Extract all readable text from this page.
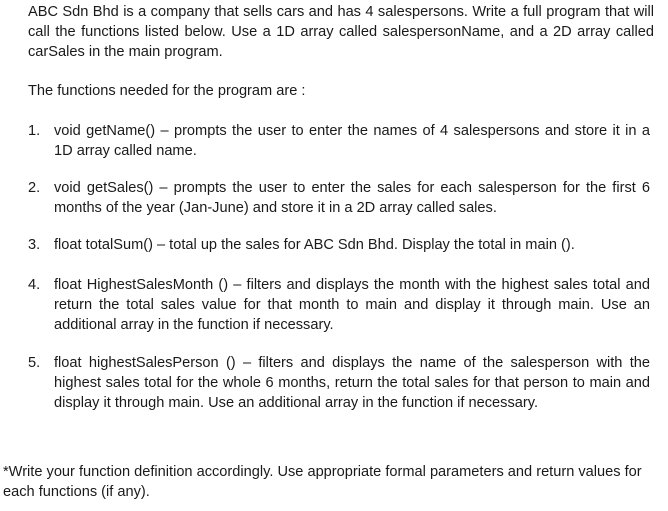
ABC Sdn Bhd is a company that sells cars and has 4 salespersons. Write a full program that will call the functions listed below. Use a 1D array called salespersonName, and a 2D array called carSales in the main program.

The functions needed for the program are :

1. void getName() – prompts the user to enter the names of 4 salespersons and store it in a 1D array called name.
2. void getSales() – prompts the user to enter the sales for each salesperson for the first 6 months of the year (Jan-June) and store it in a 2D array called sales.
3. float totalSum() – total up the sales for ABC Sdn Bhd. Display the total in main ().
4. float HighestSalesMonth () – filters and displays the month with the highest sales total and return the total sales value for that month to main and display it through main. Use an additional array in the function if necessary.
5. float highestSalesPerson () – filters and displays the name of the salesperson with the highest sales total for the whole 6 months, return the total sales for that person to main and display it through main. Use an additional array in the function if necessary.

*Write your function definition accordingly. Use appropriate formal parameters and return values for each functions (if any).
